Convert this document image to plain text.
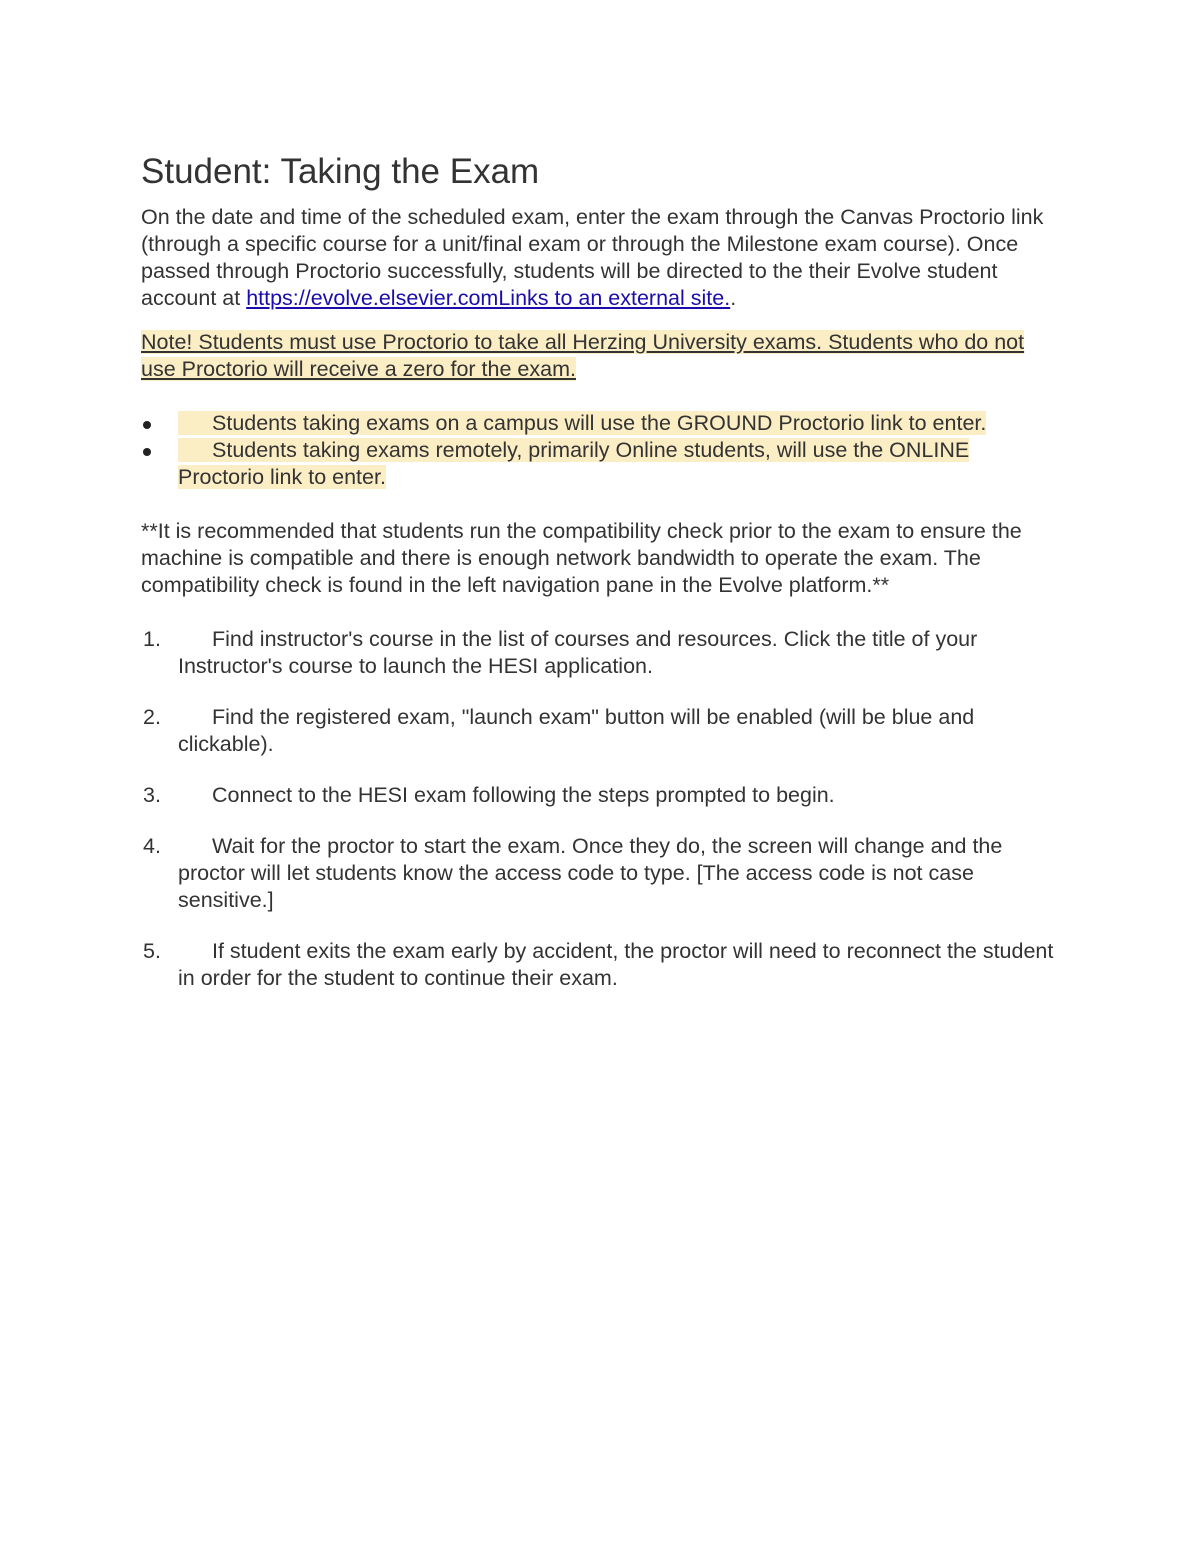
Student: Taking the Exam

On the date and time of the scheduled exam, enter the exam through the Canvas Proctorio link (through a specific course for a unit/final exam or through the Milestone exam course). Once passed through Proctorio successfully, students will be directed to the their Evolve student account at https://evolve.elsevier.comLinks to an external site..

Note! Students must use Proctorio to take all Herzing University exams. Students who do not use Proctorio will receive a zero for the exam.

Students taking exams on a campus will use the GROUND Proctorio link to enter.
Students taking exams remotely, primarily Online students, will use the ONLINE Proctorio link to enter.

**It is recommended that students run the compatibility check prior to the exam to ensure the machine is compatible and there is enough network bandwidth to operate the exam. The compatibility check is found in the left navigation pane in the Evolve platform.**

1. Find instructor's course in the list of courses and resources. Click the title of your Instructor's course to launch the HESI application.
2. Find the registered exam, "launch exam" button will be enabled (will be blue and clickable).
3. Connect to the HESI exam following the steps prompted to begin.
4. Wait for the proctor to start the exam. Once they do, the screen will change and the proctor will let students know the access code to type. [The access code is not case sensitive.]
5. If student exits the exam early by accident, the proctor will need to reconnect the student in order for the student to continue their exam.
